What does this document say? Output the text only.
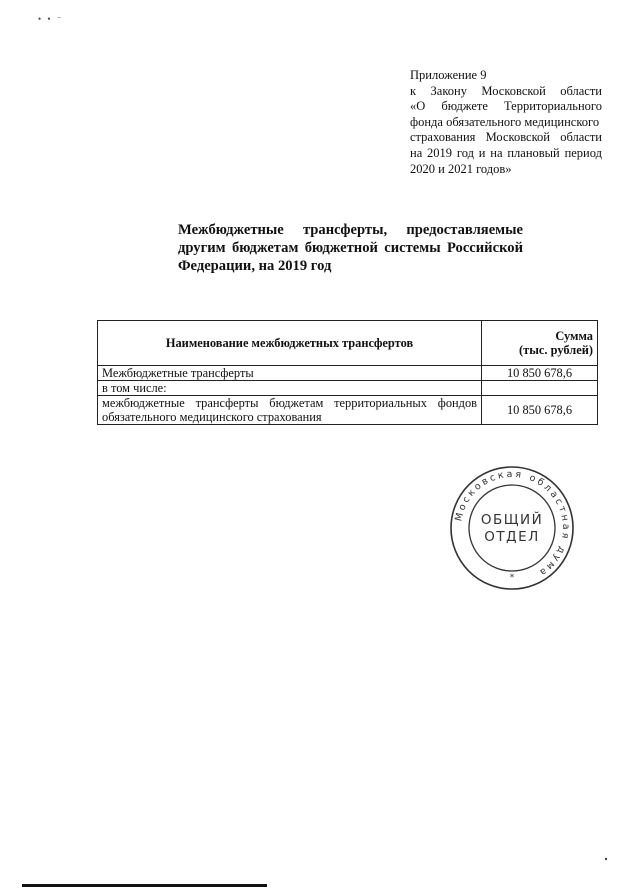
• • ⁻
Приложение 9
к Закону Московской области
«О бюджете Территориального
фонда обязательного медицинского
страхования Московской области
на 2019 год и на плановый период
2020 и 2021 годов»
Межбюджетные трансферты, предоставляемые
другим бюджетам бюджетной системы Российской
Федерации, на 2019 год
Наименование межбюджетных трансфертов	Сумма
(тыс. рублей)

Межбюджетные трансферты	10 850 678,6
в том числе:	
межбюджетные трансферты бюджетам территориальных фондов обязательного медицинского страхования	10 850 678,6
Московская областная дума
ОБЩИЙ
ОТДЕЛ
*
